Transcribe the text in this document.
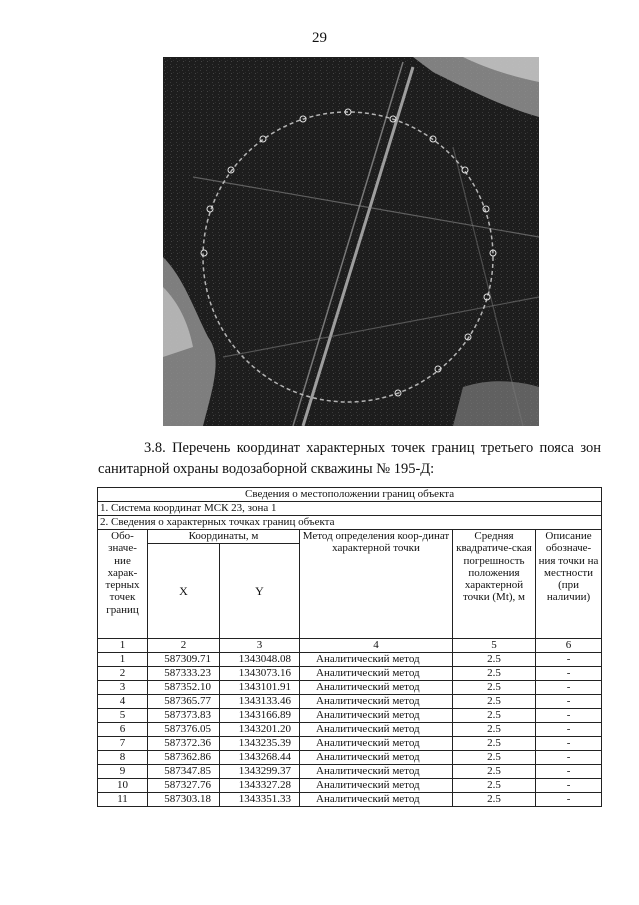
29
3.8. Перечень координат характерных точек границ третьего пояса зон санитарной охраны водозаборной скважины № 195-Д:
Сведения о местоположении границ объекта					
1. Система координат МСК 23, зона 1					
2. Сведения о характерных точках границ объекта					
Обо-значе-ние харак-терных точек границ	Координаты, м		Метод определения коор-динат характерной точки	Средняя квадратиче-ская погрешность положения характерной точки (Mt), м	Описание обозначе-ния точки на местности (при наличии)
	X	Y			
1	2	3	4	5	6
1	587309.71	1343048.08	Аналитический метод	2.5	-
2	587333.23	1343073.16	Аналитический метод	2.5	-
3	587352.10	1343101.91	Аналитический метод	2.5	-
4	587365.77	1343133.46	Аналитический метод	2.5	-
5	587373.83	1343166.89	Аналитический метод	2.5	-
6	587376.05	1343201.20	Аналитический метод	2.5	-
7	587372.36	1343235.39	Аналитический метод	2.5	-
8	587362.86	1343268.44	Аналитический метод	2.5	-
9	587347.85	1343299.37	Аналитический метод	2.5	-
10	587327.76	1343327.28	Аналитический метод	2.5	-
11	587303.18	1343351.33	Аналитический метод	2.5	-
